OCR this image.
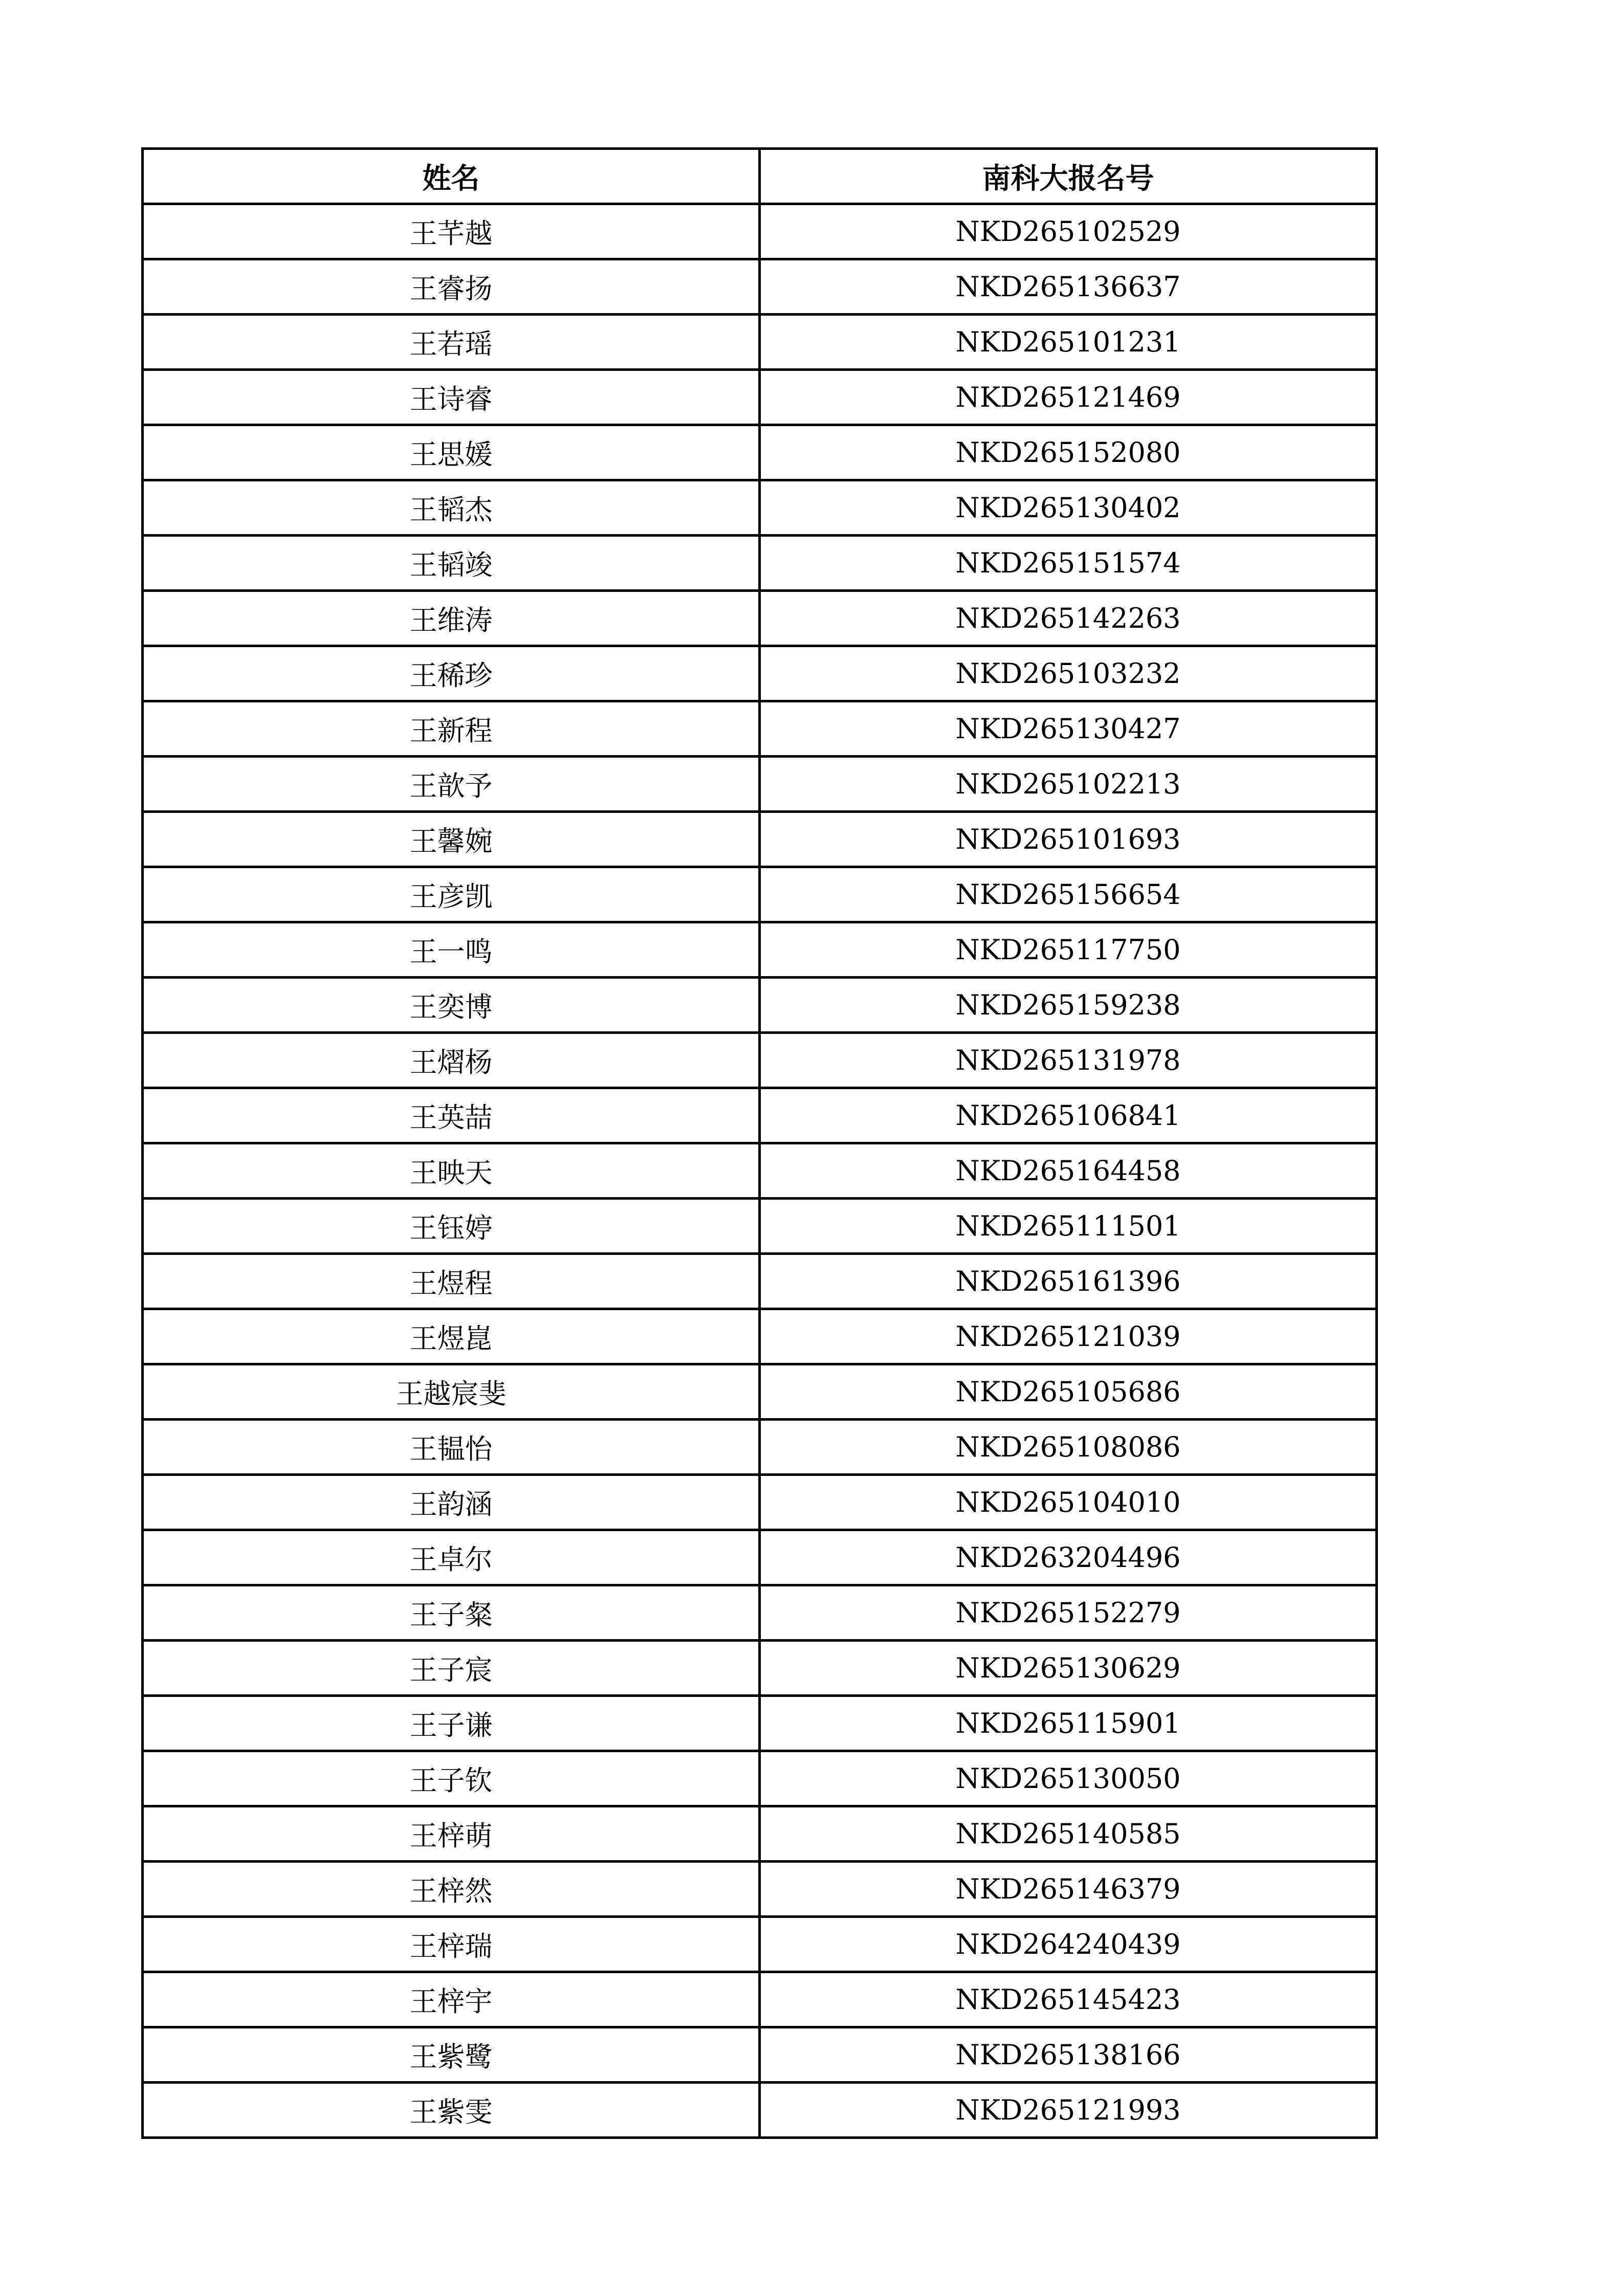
姓名	南科大报名号
王芊越	NKD265102529
王睿扬	NKD265136637
王若瑶	NKD265101231
王诗睿	NKD265121469
王思媛	NKD265152080
王韬杰	NKD265130402
王韬竣	NKD265151574
王维涛	NKD265142263
王稀珍	NKD265103232
王新程	NKD265130427
王歆予	NKD265102213
王馨婉	NKD265101693
王彦凯	NKD265156654
王一鸣	NKD265117750
王奕博	NKD265159238
王熠杨	NKD265131978
王英喆	NKD265106841
王映天	NKD265164458
王钰婷	NKD265111501
王煜程	NKD265161396
王煜崑	NKD265121039
王越宸斐	NKD265105686
王韫怡	NKD265108086
王韵涵	NKD265104010
王卓尔	NKD263204496
王子粲	NKD265152279
王子宸	NKD265130629
王子谦	NKD265115901
王子钦	NKD265130050
王梓萌	NKD265140585
王梓然	NKD265146379
王梓瑞	NKD264240439
王梓宇	NKD265145423
王紫鹭	NKD265138166
王紫雯	NKD265121993
